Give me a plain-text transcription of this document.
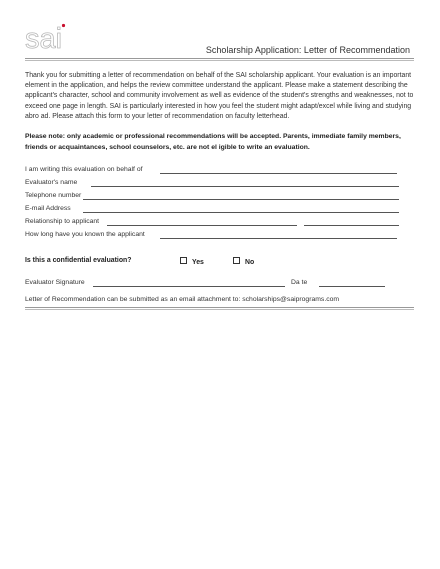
sai	Scholarship Application: Letter of Recommendation
Thank you for submitting a letter of recommendation on behalf of the SAI scholarship applicant. Your evaluation is an important element in the application, and helps the review committee understand the applicant. Please make a statement describing the applicant's character, school and community involvement as well as evidence of the student's strengths and weaknesses, not to exceed one page in length. SAI is particularly interested in how you feel the student might adapt/excel while living and studying abro ad. Please attach this form to your letter of recommendation on faculty letterhead.
Please note: only academic or professional recommendations will be accepted. Parents, immediate family members, friends or acquaintances, school counselors, etc. are not el igible to write an evaluation.
I am writing this evaluation on behalf of
Evaluator's name
Telephone number
E-mail Address
Relationship to applicant
How long have you known the applicant
Is this a confidential evaluation?	Yes	No
Evaluator Signature	Da te
Letter of Recommendation can be submitted as an email attachment to: scholarships@saiprograms.com
